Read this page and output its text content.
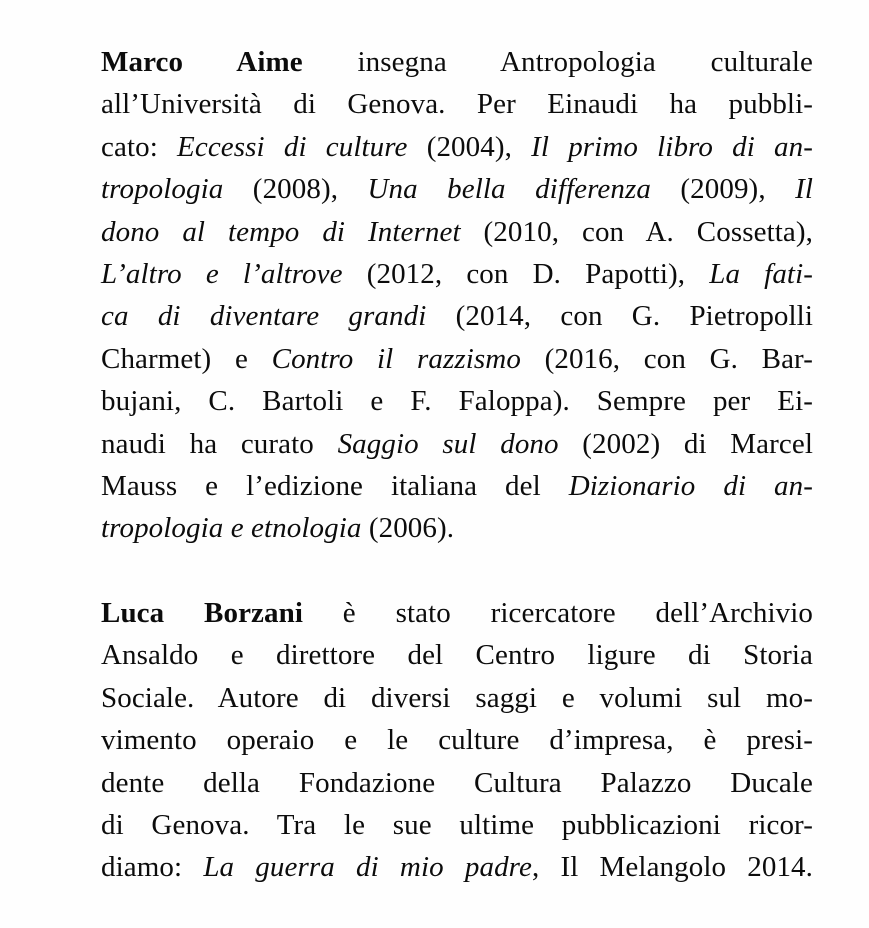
Marco Aime insegna Antropologia culturale
all’Università di Genova. Per Einaudi ha pubbli-
cato: Eccessi di culture (2004), Il primo libro di an-
tropologia (2008), Una bella differenza (2009), Il
dono al tempo di Internet (2010, con A. Cossetta),
L’altro e l’altrove (2012, con D. Papotti), La fati-
ca di diventare grandi (2014, con G. Pietropolli
Charmet) e Contro il razzismo (2016, con G. Bar-
bujani, C. Bartoli e F. Faloppa). Sempre per Ei-
naudi ha curato Saggio sul dono (2002) di Marcel
Mauss e l’edizione italiana del Dizionario di an-
tropologia e etnologia (2006).
Luca Borzani è stato ricercatore dell’Archivio
Ansaldo e direttore del Centro ligure di Storia
Sociale. Autore di diversi saggi e volumi sul mo-
vimento operaio e le culture d’impresa, è presi-
dente della Fondazione Cultura Palazzo Ducale
di Genova. Tra le sue ultime pubblicazioni ricor-
diamo: La guerra di mio padre, Il Melangolo 2014.
